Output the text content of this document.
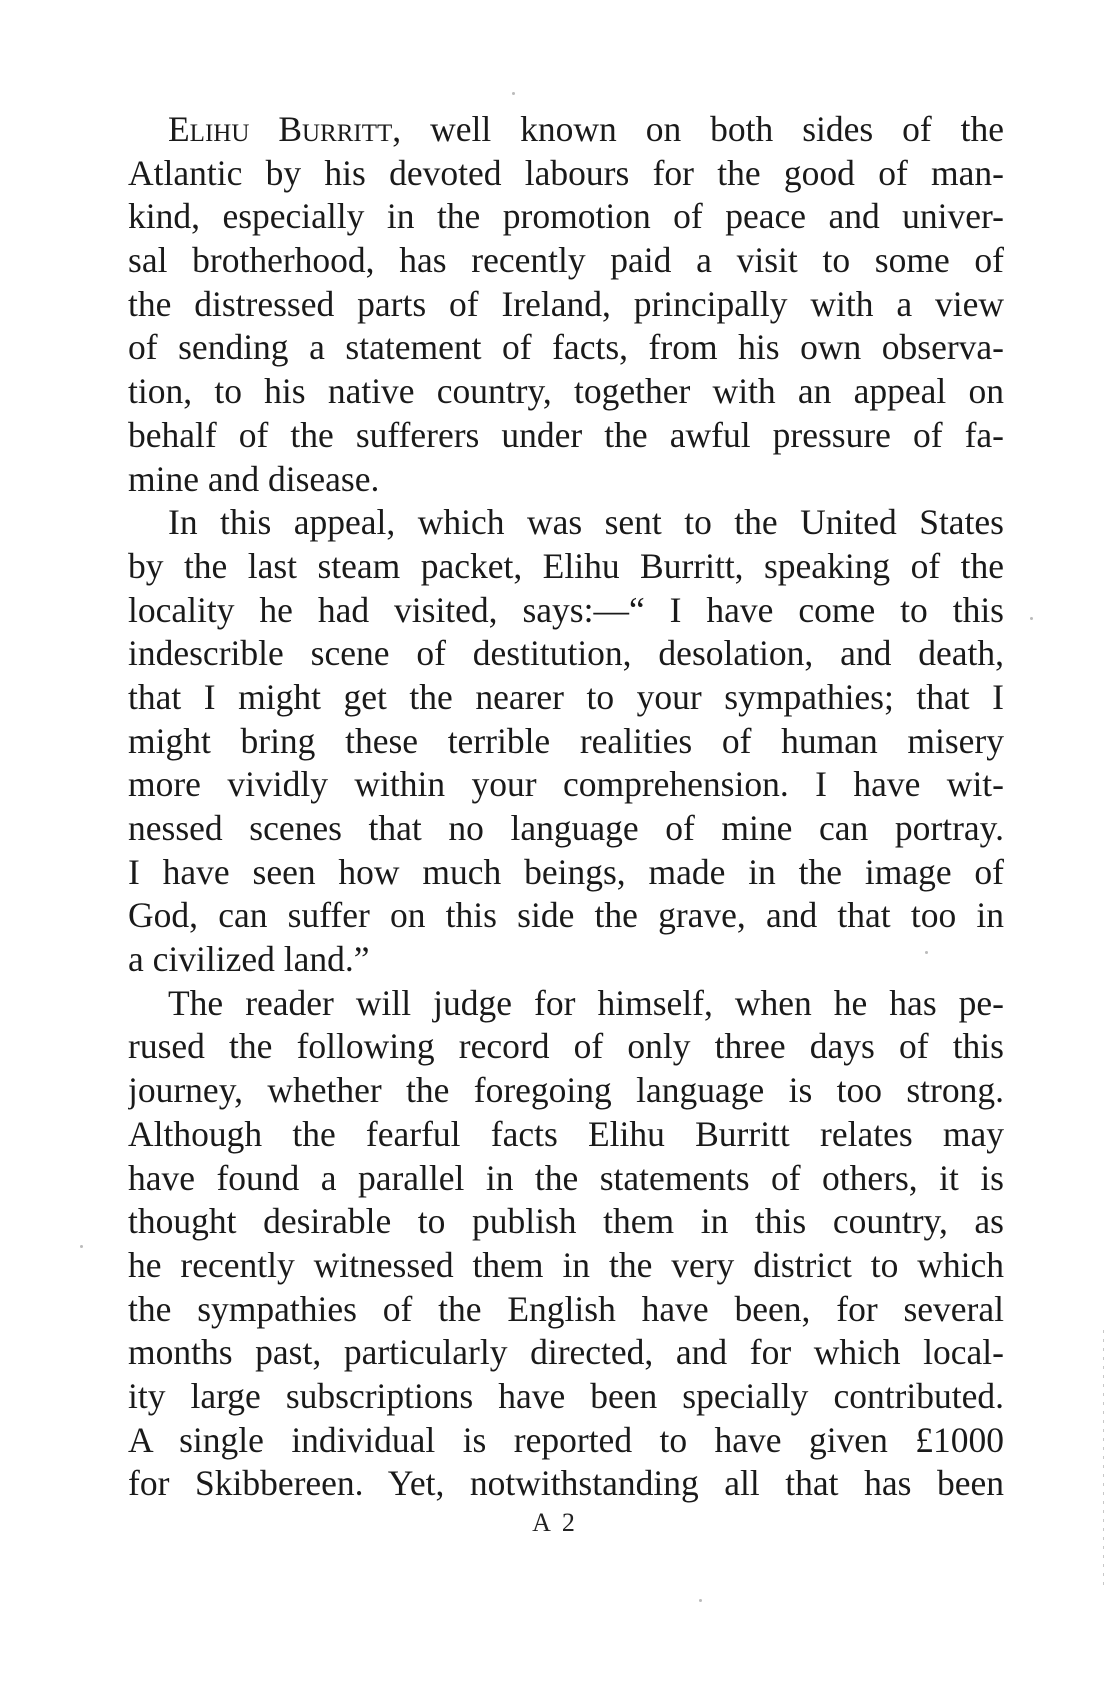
Elihu Burritt, well known on both sides of the
Atlantic by his devoted labours for the good of man-
kind, especially in the promotion of peace and univer-
sal brotherhood, has recently paid a visit to some of
the distressed parts of Ireland, principally with a view
of sending a statement of facts, from his own observa-
tion, to his native country, together with an appeal on
behalf of the sufferers under the awful pressure of fa-
mine and disease.
In this appeal, which was sent to the United States
by the last steam packet, Elihu Burritt, speaking of the
locality he had visited, says:—“ I have come to this
indescrible scene of destitution, desolation, and death,
that I might get the nearer to your sympathies; that I
might bring these terrible realities of human misery
more vividly within your comprehension. I have wit-
nessed scenes that no language of mine can portray.
I have seen how much beings, made in the image of
God, can suffer on this side the grave, and that too in
a civilized land.”
The reader will judge for himself, when he has pe-
rused the following record of only three days of this
journey, whether the foregoing language is too strong.
Although the fearful facts Elihu Burritt relates may
have found a parallel in the statements of others, it is
thought desirable to publish them in this country, as
he recently witnessed them in the very district to which
the sympathies of the English have been, for several
months past, particularly directed, and for which local-
ity large subscriptions have been specially contributed.
A single individual is reported to have given £1000
for Skibbereen. Yet, notwithstanding all that has been
A 2
